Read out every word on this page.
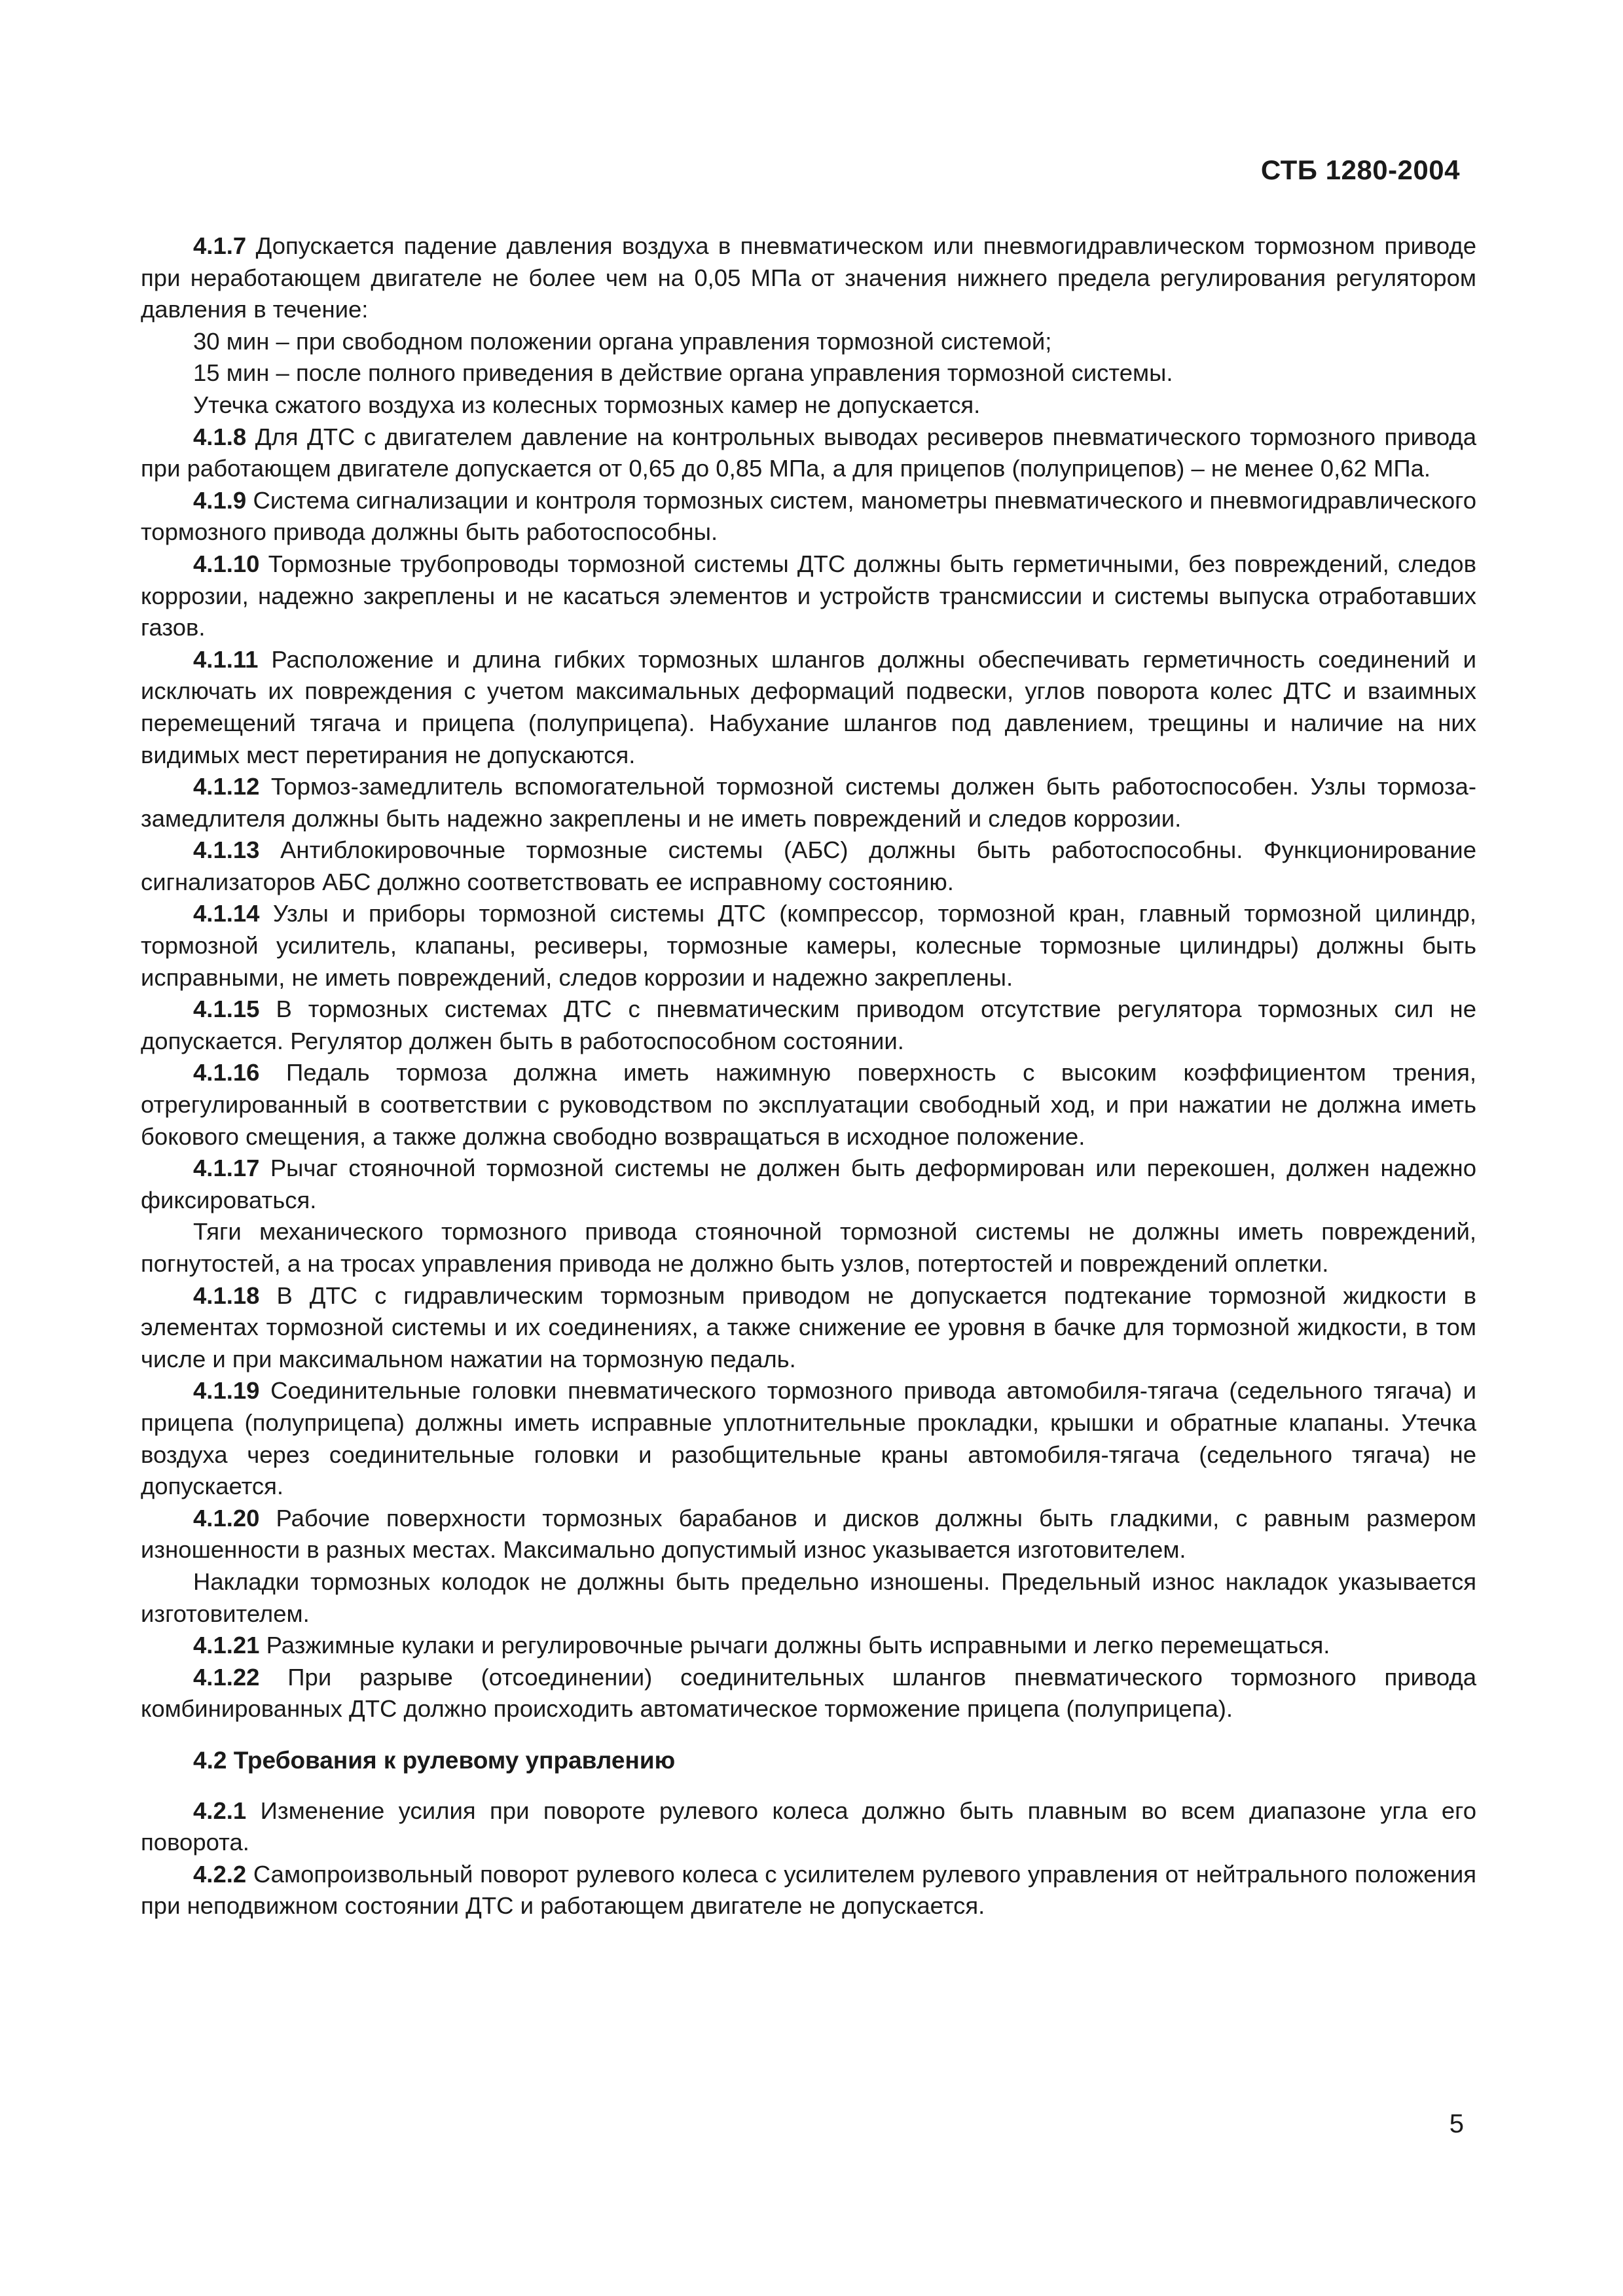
СТБ 1280-2004

4.1.7 Допускается падение давления воздуха в пневматическом или пневмогидравлическом тормозном приводе при неработающем двигателе не более чем на 0,05 МПа от значения нижнего предела регулирования регулятором давления в течение:

30 мин – при свободном положении органа управления тормозной системой;

15 мин – после полного приведения в действие органа управления тормозной системы.

Утечка сжатого воздуха из колесных тормозных камер не допускается.

4.1.8 Для ДТС с двигателем давление на контрольных выводах ресиверов пневматического тормозного привода при работающем двигателе допускается от 0,65 до 0,85 МПа, а для прицепов (полуприцепов) – не менее 0,62 МПа.

4.1.9 Система сигнализации и контроля тормозных систем, манометры пневматического и пневмогидравлического тормозного привода должны быть работоспособны.

4.1.10 Тормозные трубопроводы тормозной системы ДТС должны быть герметичными, без повреждений, следов коррозии, надежно закреплены и не касаться элементов и устройств трансмиссии и системы выпуска отработавших газов.

4.1.11 Расположение и длина гибких тормозных шлангов должны обеспечивать герметичность соединений и исключать их повреждения с учетом максимальных деформаций подвески, углов поворота колес ДТС и взаимных перемещений тягача и прицепа (полуприцепа). Набухание шлангов под давлением, трещины и наличие на них видимых мест перетирания не допускаются.

4.1.12 Тормоз-замедлитель вспомогательной тормозной системы должен быть работоспособен. Узлы тормоза-замедлителя должны быть надежно закреплены и не иметь повреждений и следов коррозии.

4.1.13 Антиблокировочные тормозные системы (АБС) должны быть работоспособны. Функционирование сигнализаторов АБС должно соответствовать ее исправному состоянию.

4.1.14 Узлы и приборы тормозной системы ДТС (компрессор, тормозной кран, главный тормозной цилиндр, тормозной усилитель, клапаны, ресиверы, тормозные камеры, колесные тормозные цилиндры) должны быть исправными, не иметь повреждений, следов коррозии и надежно закреплены.

4.1.15 В тормозных системах ДТС с пневматическим приводом отсутствие регулятора тормозных сил не допускается. Регулятор должен быть в работоспособном состоянии.

4.1.16 Педаль тормоза должна иметь нажимную поверхность с высоким коэффициентом трения, отрегулированный в соответствии с руководством по эксплуатации свободный ход, и при нажатии не должна иметь бокового смещения, а также должна свободно возвращаться в исходное положение.

4.1.17 Рычаг стояночной тормозной системы не должен быть деформирован или перекошен, должен надежно фиксироваться.

Тяги механического тормозного привода стояночной тормозной системы не должны иметь повреждений, погнутостей, а на тросах управления привода не должно быть узлов, потертостей и повреждений оплетки.

4.1.18 В ДТС с гидравлическим тормозным приводом не допускается подтекание тормозной жидкости в элементах тормозной системы и их соединениях, а также снижение ее уровня в бачке для тормозной жидкости, в том числе и при максимальном нажатии на тормозную педаль.

4.1.19 Соединительные головки пневматического тормозного привода автомобиля-тягача (седельного тягача) и прицепа (полуприцепа) должны иметь исправные уплотнительные прокладки, крышки и обратные клапаны. Утечка воздуха через соединительные головки и разобщительные краны автомобиля-тягача (седельного тягача) не допускается.

4.1.20 Рабочие поверхности тормозных барабанов и дисков должны быть гладкими, с равным размером изношенности в разных местах. Максимально допустимый износ указывается изготовителем.

Накладки тормозных колодок не должны быть предельно изношены. Предельный износ накладок указывается изготовителем.

4.1.21 Разжимные кулаки и регулировочные рычаги должны быть исправными и легко перемещаться.

4.1.22 При разрыве (отсоединении) соединительных шлангов пневматического тормозного привода комбинированных ДТС должно происходить автоматическое торможение прицепа (полуприцепа).

4.2 Требования к рулевому управлению

4.2.1 Изменение усилия при повороте рулевого колеса должно быть плавным во всем диапазоне угла его поворота.

4.2.2 Самопроизвольный поворот рулевого колеса с усилителем рулевого управления от нейтрального положения при неподвижном состоянии ДТС и работающем двигателе не допускается.

5
